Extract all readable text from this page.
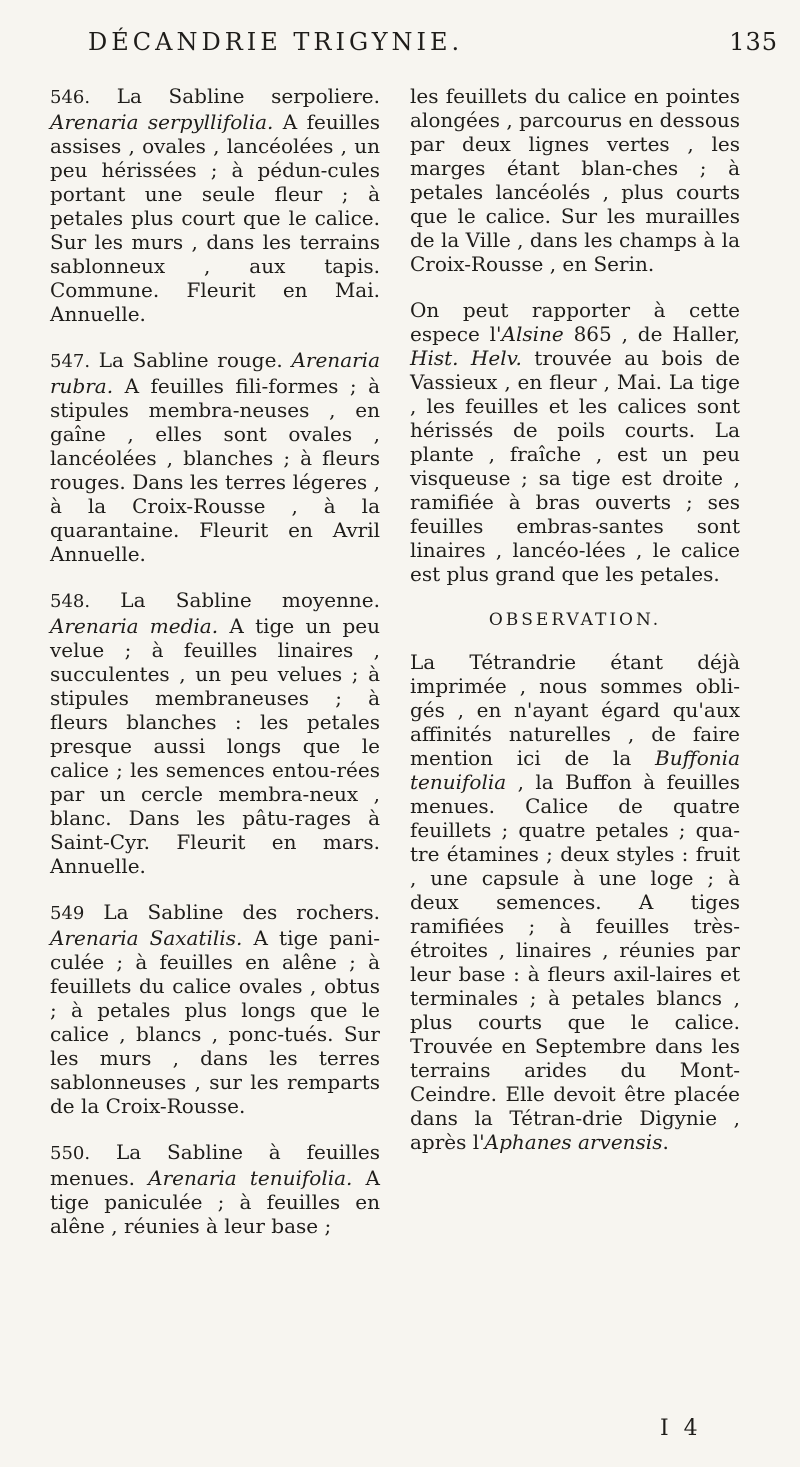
DÉCANDRIE TRIGYNIE.	135

546. La Sabline serpoliere. Arenaria serpyllifolia. A feuilles assises , ovales , lancéolées , un peu hérissées ; à pédun-cules portant une seule fleur ; à petales plus court que le calice. Sur les murs , dans les terrains sablonneux , aux tapis. Commune. Fleurit en Mai. Annuelle.

547. La Sabline rouge. Arenaria rubra. A feuilles fili-formes ; à stipules membra-neuses , en gaîne , elles sont ovales , lancéolées , blanches ; à fleurs rouges. Dans les terres légeres , à la Croix-Rousse , à la quarantaine. Fleurit en Avril Annuelle.

548. La Sabline moyenne. Arenaria media. A tige un peu velue ; à feuilles linaires , succulentes , un peu velues ; à stipules membraneuses ; à fleurs blanches : les petales presque aussi longs que le calice ; les semences entou-rées par un cercle membra-neux , blanc. Dans les pâtu-rages à Saint-Cyr. Fleurit en mars. Annuelle.

549 La Sabline des rochers. Arenaria Saxatilis. A tige pani-culée ; à feuilles en alêne ; à feuillets du calice ovales , obtus ; à petales plus longs que le calice , blancs , ponc-tués. Sur les murs , dans les terres sablonneuses , sur les remparts de la Croix-Rousse.

550. La Sabline à feuilles menues. Arenaria tenuifolia. A tige paniculée ; à feuilles en alêne , réunies à leur base ;

les feuillets du calice en pointes alongées , parcourus en dessous par deux lignes vertes , les marges étant blan-ches ; à petales lancéolés , plus courts que le calice. Sur les murailles de la Ville , dans les champs à la Croix-Rousse , en Serin.

On peut rapporter à cette espece l'Alsine 865 , de Haller, Hist. Helv. trouvée au bois de Vassieux , en fleur , Mai. La tige , les feuilles et les calices sont hérissés de poils courts. La plante , fraîche , est un peu visqueuse ; sa tige est droite , ramifiée à bras ouverts ; ses feuilles embras-santes sont linaires , lancéo-lées , le calice est plus grand que les petales.

OBSERVATION.

La Tétrandrie étant déjà imprimée , nous sommes obli-gés , en n'ayant égard qu'aux affinités naturelles , de faire mention ici de la Buffonia tenuifolia , la Buffon à feuilles menues. Calice de quatre feuillets ; quatre petales ; qua-tre étamines ; deux styles : fruit , une capsule à une loge ; à deux semences. A tiges ramifiées ; à feuilles très-étroites , linaires , réunies par leur base : à fleurs axil-laires et terminales ; à petales blancs , plus courts que le calice. Trouvée en Septembre dans les terrains arides du Mont-Ceindre. Elle devoit être placée dans la Tétran-drie Digynie , après l'Aphanes arvensis.

I 4
